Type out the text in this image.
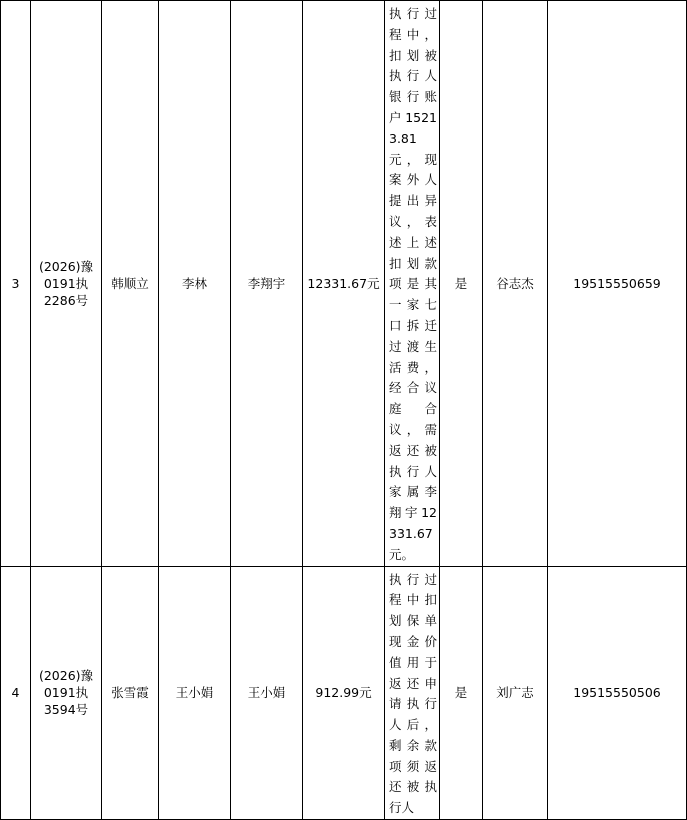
3	(2026)豫0191执2286号	韩顺立	李林	李翔宇	12331.67元	执行过程中，扣划被执行人银行账户15213.81元，现案外人提出异议，表述上述扣划款项是其一家七口拆迁过渡生活费，经合议庭合议，需返还被执行人家属李翔宇12331.67元。	是	谷志杰	19515550659
4	(2026)豫0191执3594号	张雪霞	王小娟	王小娟	912.99元	执行过程中扣划保单现金价值用于返还申请执行人后，剩余款项须返还被执行人	是	刘广志	19515550506
